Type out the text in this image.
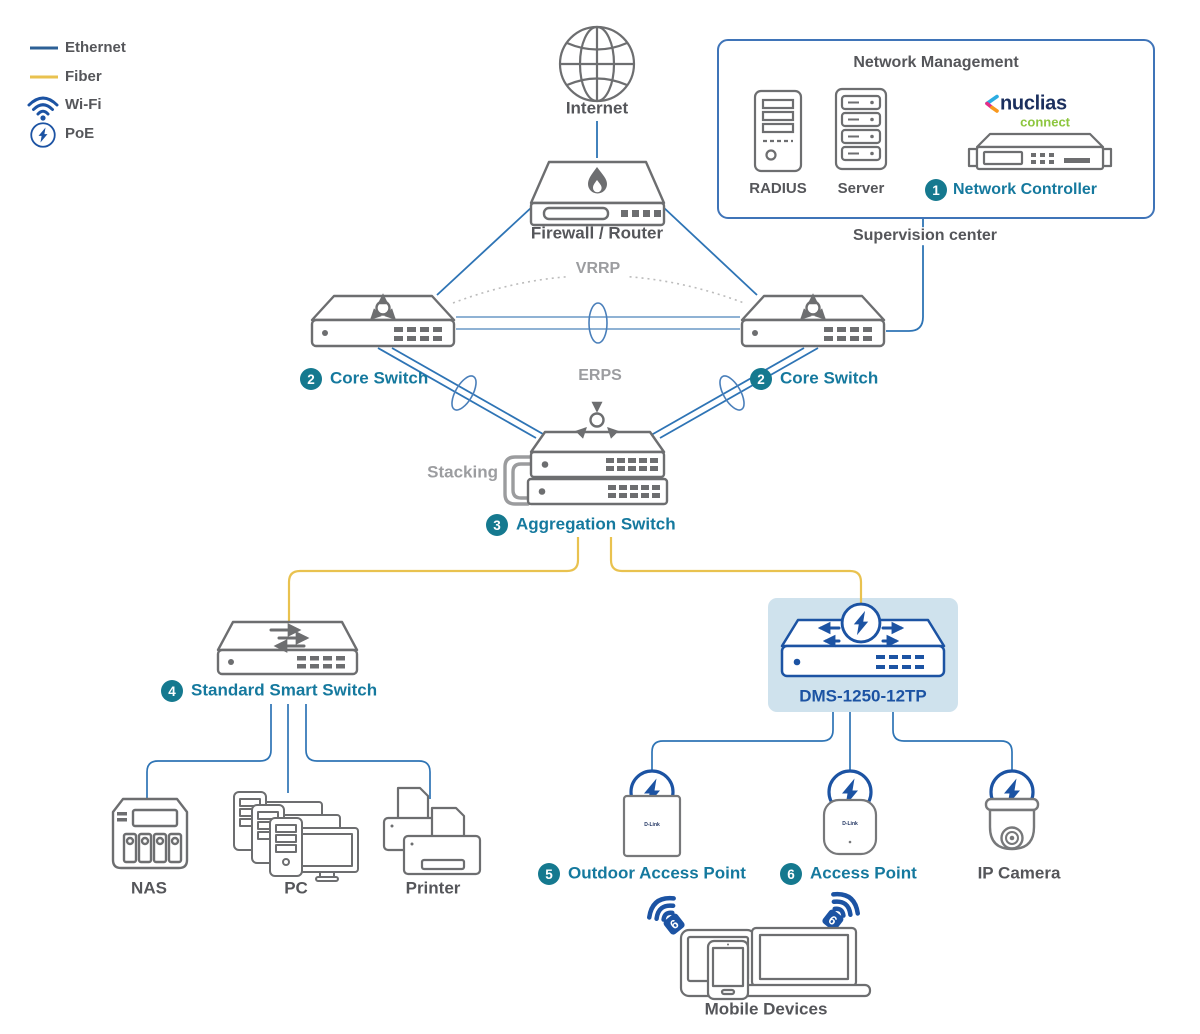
D-Link	D-Link
6	6
Ethernet
Fiber
Wi-Fi
PoE
Internet
Network Management
RADIUS Server
nuclias
connect
1 Network Controller
Supervision center
Firewall / Router
VRRP
ERPS
2 Core Switch	2 Core Switch
Stacking
3 Aggregation Switch
4 Standard Smart Switch	DMS-1250-12TP
NAS	PC	Printer
5 Outdoor Access Point	6 Access Point	IP Camera
Mobile Devices
